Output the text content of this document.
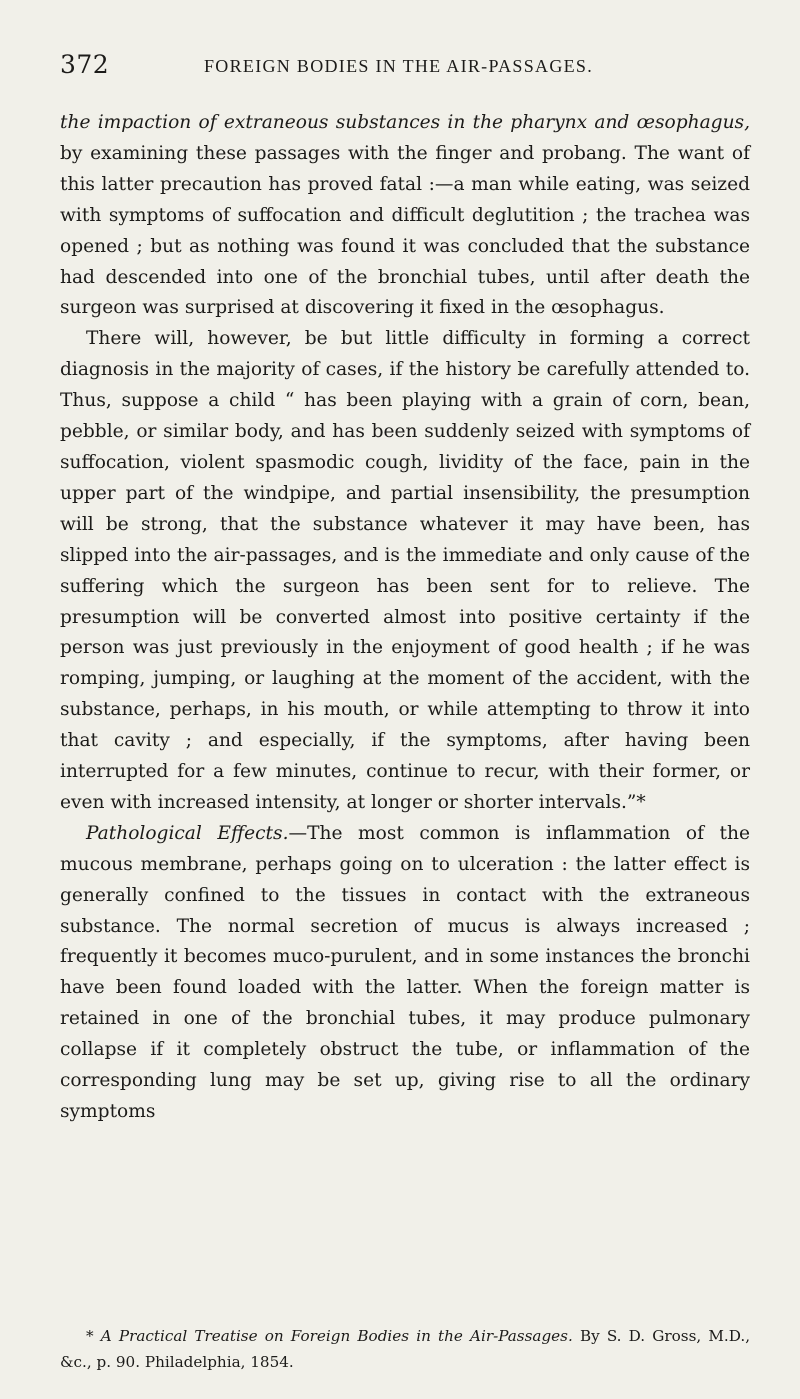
372	FOREIGN BODIES IN THE AIR-PASSAGES.

the impaction of extraneous substances in the pharynx and œsophagus, by examining these passages with the finger and probang. The want of this latter precaution has proved fatal :—a man while eating, was seized with symptoms of suffocation and difficult deglutition ; the trachea was opened ; but as nothing was found it was concluded that the substance had descended into one of the bronchial tubes, until after death the surgeon was surprised at discovering it fixed in the œsophagus.

There will, however, be but little difficulty in forming a correct diagnosis in the majority of cases, if the history be carefully attended to. Thus, suppose a child “ has been playing with a grain of corn, bean, pebble, or similar body, and has been suddenly seized with symptoms of suffocation, violent spasmodic cough, lividity of the face, pain in the upper part of the windpipe, and partial insensibility, the presumption will be strong, that the substance whatever it may have been, has slipped into the air-passages, and is the immediate and only cause of the suffering which the surgeon has been sent for to relieve. The presumption will be converted almost into positive certainty if the person was just previously in the enjoyment of good health ; if he was romping, jumping, or laughing at the moment of the accident, with the substance, perhaps, in his mouth, or while attempting to throw it into that cavity ; and especially, if the symptoms, after having been interrupted for a few minutes, continue to recur, with their former, or even with increased intensity, at longer or shorter intervals.”*

Pathological Effects.—The most common is inflammation of the mucous membrane, perhaps going on to ulceration : the latter effect is generally confined to the tissues in contact with the extraneous substance. The normal secretion of mucus is always increased ; frequently it becomes muco-purulent, and in some instances the bronchi have been found loaded with the latter. When the foreign matter is retained in one of the bronchial tubes, it may produce pulmonary collapse if it completely obstruct the tube, or inflammation of the corresponding lung may be set up, giving rise to all the ordinary symptoms

* A Practical Treatise on Foreign Bodies in the Air-Passages. By S. D. Gross, M.D., &c., p. 90. Philadelphia, 1854.
